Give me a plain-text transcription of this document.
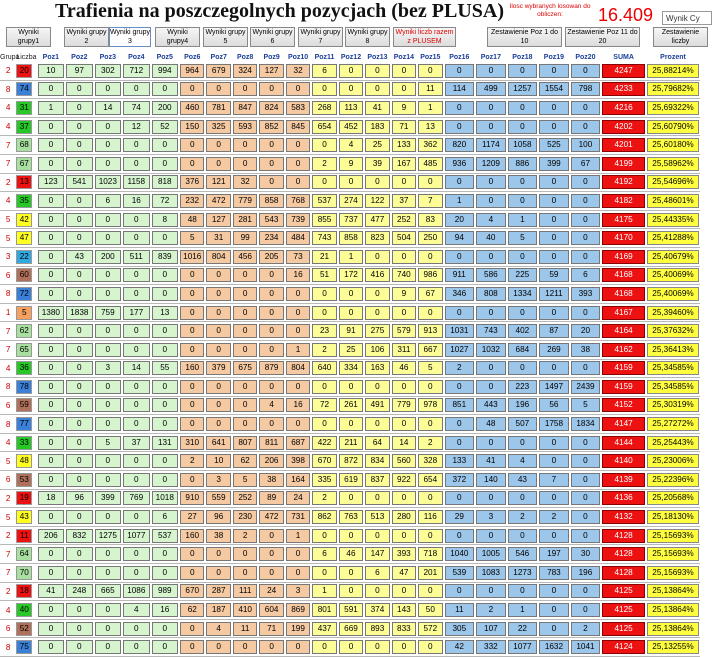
Trafienia na poszczegolnych pozycjach (bez PLUSA) Ilosc wybranych losowan do obliczen:	16.409	Wynik Cy
Wyniki grupy1
Wyniki grupy 2
Wyniki grupy 3
Wyniki grupy4
Wyniki grupy 5
Wyniki grupy 6
Wyniki grupy 7
Wyniki grupy 8
Wyniki liczb razem z PLUSEM
Zestawienie Poz 1 do 10
Zestawienie Poz 11 do 20
Zestawienie liczby
Grupa	Liczba	Poz1	Poz2	Poz3	Poz4	Poz5	Poz6	Poz7	Poz8	Poz9	Poz10	Poz11	Poz12	Poz13	Poz14	Poz15	Poz16	Poz17	Poz18	Poz19	Poz20	SUMA	Prozent
2	20	10	97	302	712	994	964	679	324	127	32	6	0	0	0	0	0	0	0	0	0	4247	25,88214%

8	74	0	0	0	0	0	0	0	0	0	0	0	0	0	0	11	114	499	1257	1554	798	4233	25,79682%

4	31	1	0	14	74	200	460	781	847	824	583	268	113	41	9	1	0	0	0	0	0	4216	25,69322%

4	37	0	0	0	12	52	150	325	593	852	845	654	452	183	71	13	0	0	0	0	0	4202	25,60790%

7	68	0	0	0	0	0	0	0	0	0	0	0	4	25	133	362	820	1174	1058	525	100	4201	25,60180%

7	67	0	0	0	0	0	0	0	0	0	0	2	9	39	167	485	936	1209	886	399	67	4199	25,58962%

2	13	123	541	1023	1158	818	376	121	32	0	0	0	0	0	0	0	0	0	0	0	0	4192	25,54696%

4	35	0	0	6	16	72	232	472	779	858	768	537	274	122	37	7	1	0	0	0	0	4182	25,48601%

5	42	0	0	0	0	8	48	127	281	543	739	855	737	477	252	83	20	4	1	0	0	4175	25,44335%

5	47	0	0	0	0	0	5	31	99	234	484	743	858	823	504	250	94	40	5	0	0	4170	25,41288%

3	22	0	43	200	511	839	1016	804	456	205	73	21	1	0	0	0	0	0	0	0	0	4169	25,40679%

6	60	0	0	0	0	0	0	0	0	0	16	51	172	416	740	986	911	586	225	59	6	4168	25,40069%

8	72	0	0	0	0	0	0	0	0	0	0	0	0	0	9	67	346	808	1334	1211	393	4168	25,40069%

1	5	1380	1838	759	177	13	0	0	0	0	0	0	0	0	0	0	0	0	0	0	0	4167	25,39460%

7	62	0	0	0	0	0	0	0	0	0	0	23	91	275	579	913	1031	743	402	87	20	4164	25,37632%

7	65	0	0	0	0	0	0	0	0	0	1	2	25	106	311	667	1027	1032	684	269	38	4162	25,36413%

4	36	0	0	3	14	55	160	379	675	879	804	640	334	163	46	5	2	0	0	0	0	4159	25,34585%

8	78	0	0	0	0	0	0	0	0	0	0	0	0	0	0	0	0	0	223	1497	2439	4159	25,34585%

6	59	0	0	0	0	0	0	0	0	4	16	72	261	491	779	978	851	443	196	56	5	4152	25,30319%

8	77	0	0	0	0	0	0	0	0	0	0	0	0	0	0	0	0	48	507	1758	1834	4147	25,27272%

4	33	0	0	5	37	131	310	641	807	811	687	422	211	64	14	2	0	0	0	0	0	4144	25,25443%

5	48	0	0	0	0	0	2	10	62	206	398	670	872	834	560	328	133	41	4	0	0	4140	25,23006%

6	53	0	0	0	0	0	0	3	5	38	164	335	619	837	922	654	372	140	43	7	0	4139	25,22396%

2	19	18	96	399	769	1018	910	559	252	89	24	2	0	0	0	0	0	0	0	0	0	4136	25,20568%

5	43	0	0	0	0	6	27	96	230	472	731	862	763	513	280	116	29	3	2	2	0	4132	25,18130%

2	11	206	832	1275	1077	537	160	38	2	0	1	0	0	0	0	0	0	0	0	0	0	4128	25,15693%

7	64	0	0	0	0	0	0	0	0	0	0	6	46	147	393	718	1040	1005	546	197	30	4128	25,15693%

7	70	0	0	0	0	0	0	0	0	0	0	0	0	6	47	201	539	1083	1273	783	196	4128	25,15693%

2	18	41	248	665	1086	989	670	287	111	24	3	1	0	0	0	0	0	0	0	0	0	4125	25,13864%

4	40	0	0	0	4	16	62	187	410	604	869	801	591	374	143	50	11	2	1	0	0	4125	25,13864%

6	52	0	0	0	0	0	0	4	11	71	199	437	669	893	833	572	305	107	22	0	2	4125	25,13864%

8	75	0	0	0	0	0	0	0	0	0	0	0	0	0	0	0	42	332	1077	1632	1041	4124	25,13255%
